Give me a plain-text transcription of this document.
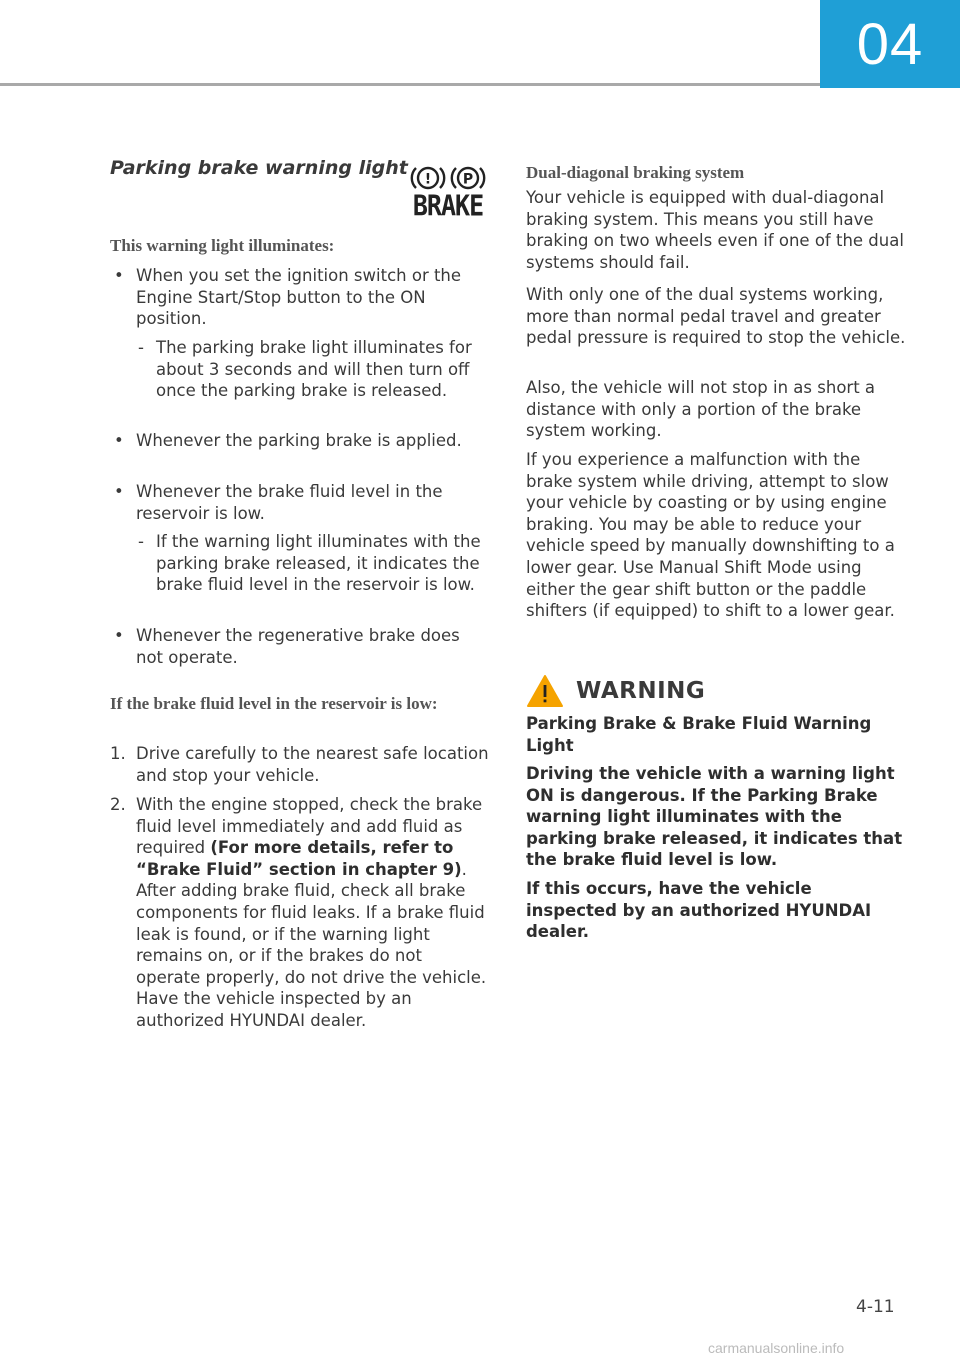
04
Parking brake warning light
! P
BRAKE
This warning light illuminates:
• When you set the ignition switch or the Engine Start/Stop button to the ON position.
- The parking brake light illuminates for about 3 seconds and will then turn off once the parking brake is released.
• Whenever the parking brake is applied.
• Whenever the brake fluid level in the reservoir is low.
- If the warning light illuminates with the parking brake released, it indicates the brake fluid level in the reservoir is low.
• Whenever the regenerative brake does not operate.
If the brake fluid level in the reservoir is low:
1. Drive carefully to the nearest safe location and stop your vehicle.
2. With the engine stopped, check the brake fluid level immediately and add fluid as required (For more details, refer to “Brake Fluid” section in chapter 9). After adding brake fluid, check all brake components for fluid leaks. If a brake fluid leak is found, or if the warning light remains on, or if the brakes do not operate properly, do not drive the vehicle. Have the vehicle inspected by an authorized HYUNDAI dealer.
Dual-diagonal braking system
Your vehicle is equipped with dual-diagonal braking system. This means you still have braking on two wheels even if one of the dual systems should fail.
With only one of the dual systems working, more than normal pedal travel and greater pedal pressure is required to stop the vehicle.
Also, the vehicle will not stop in as short a distance with only a portion of the brake system working.
If you experience a malfunction with the brake system while driving, attempt to slow your vehicle by coasting or by using engine braking. You may be able to reduce your vehicle speed by manually downshifting to a lower gear. Use Manual Shift Mode using either the gear shift button or the paddle shifters (if equipped) to shift to a lower gear.
WARNING
Parking Brake & Brake Fluid Warning Light
Driving the vehicle with a warning light ON is dangerous. If the Parking Brake warning light illuminates with the parking brake released, it indicates that the brake fluid level is low.
If this occurs, have the vehicle inspected by an authorized HYUNDAI dealer.
4-11
carmanualsonline.info
